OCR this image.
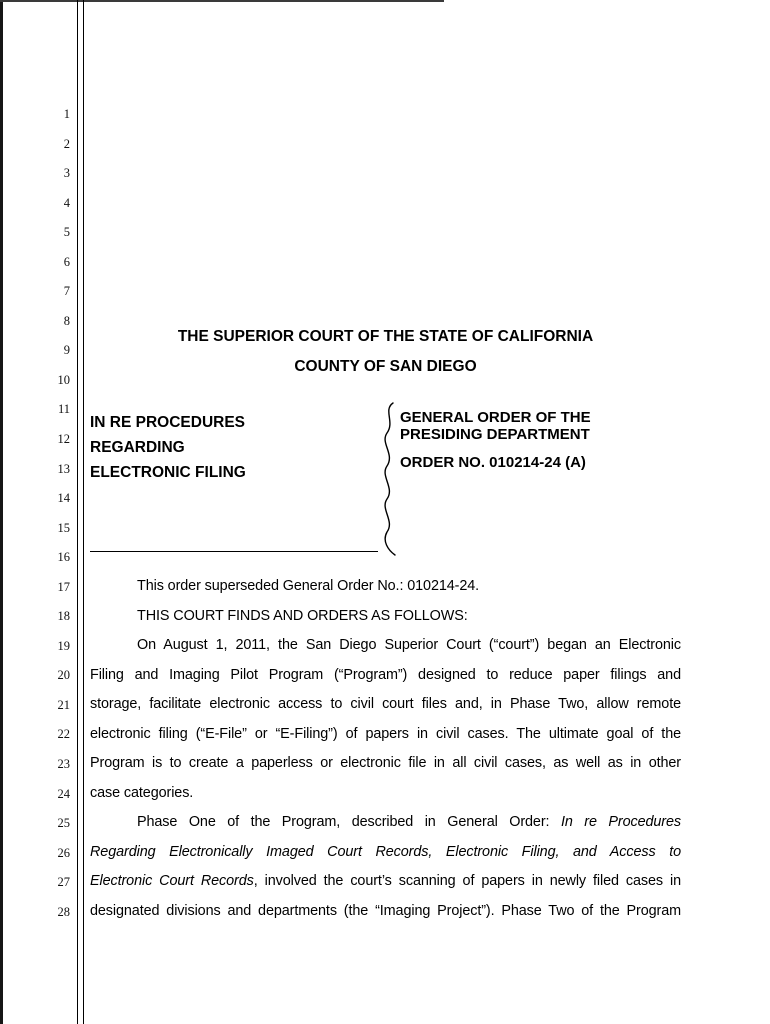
1
2
3
4
5
6
7
8
9
10
11
12
13
14
15
16
17
18
19
20
21
22
23
24
25
26
27
28
THE SUPERIOR COURT OF THE STATE OF CALIFORNIA
COUNTY OF SAN DIEGO
IN RE PROCEDURES
REGARDING
ELECTRONIC FILING
GENERAL ORDER OF THE
PRESIDING DEPARTMENT
ORDER NO. 010214-24 (A)
This order superseded General Order No.: 010214-24.
THIS COURT FINDS AND ORDERS AS FOLLOWS:
On August 1, 2011, the San Diego Superior Court (“court”) began an Electronic
Filing and Imaging Pilot Program (“Program”) designed to reduce paper filings and
storage, facilitate electronic access to civil court files and, in Phase Two, allow remote
electronic filing (“E-File” or “E-Filing”) of papers in civil cases. The ultimate goal of the
Program is to create a paperless or electronic file in all civil cases, as well as in other
case categories.
Phase One of the Program, described in General Order: In re Procedures
Regarding Electronically Imaged Court Records, Electronic Filing, and Access to
Electronic Court Records, involved the court’s scanning of papers in newly filed cases in
designated divisions and departments (the “Imaging Project”). Phase Two of the Program
